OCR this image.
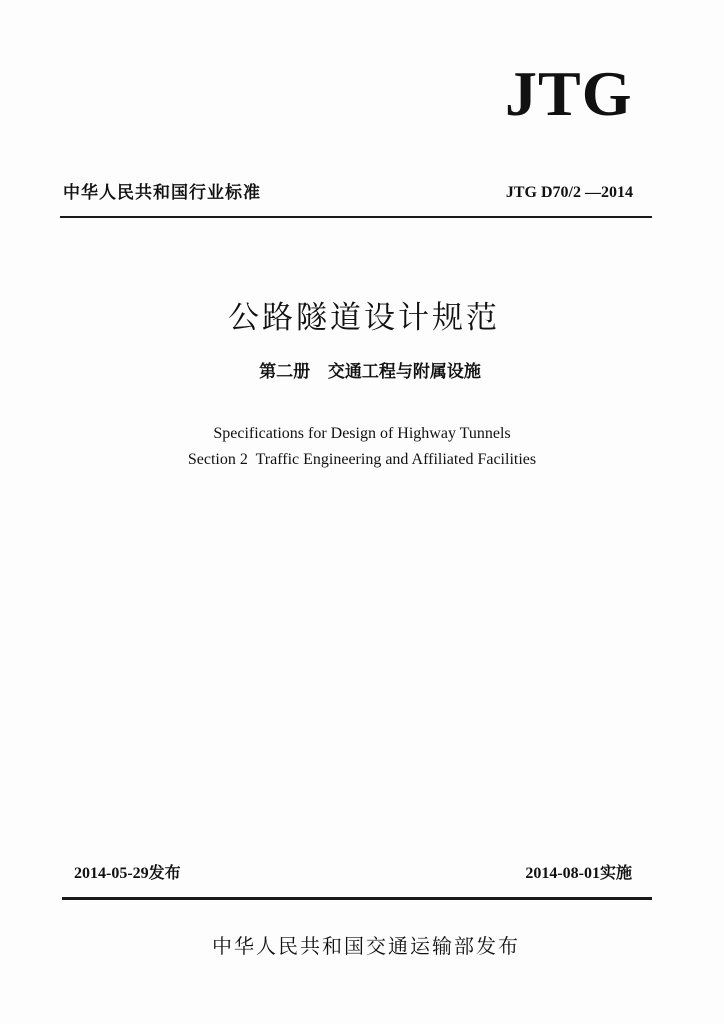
JTG
中华人民共和国行业标准	JTG D70/2 —2014
公路隧道设计规范
第二册   交通工程与附属设施
Specifications for Design of Highway Tunnels
Section 2  Traffic Engineering and Affiliated Facilities
2014-05-29发布	2014-08-01实施
中华人民共和国交通运输部发布
